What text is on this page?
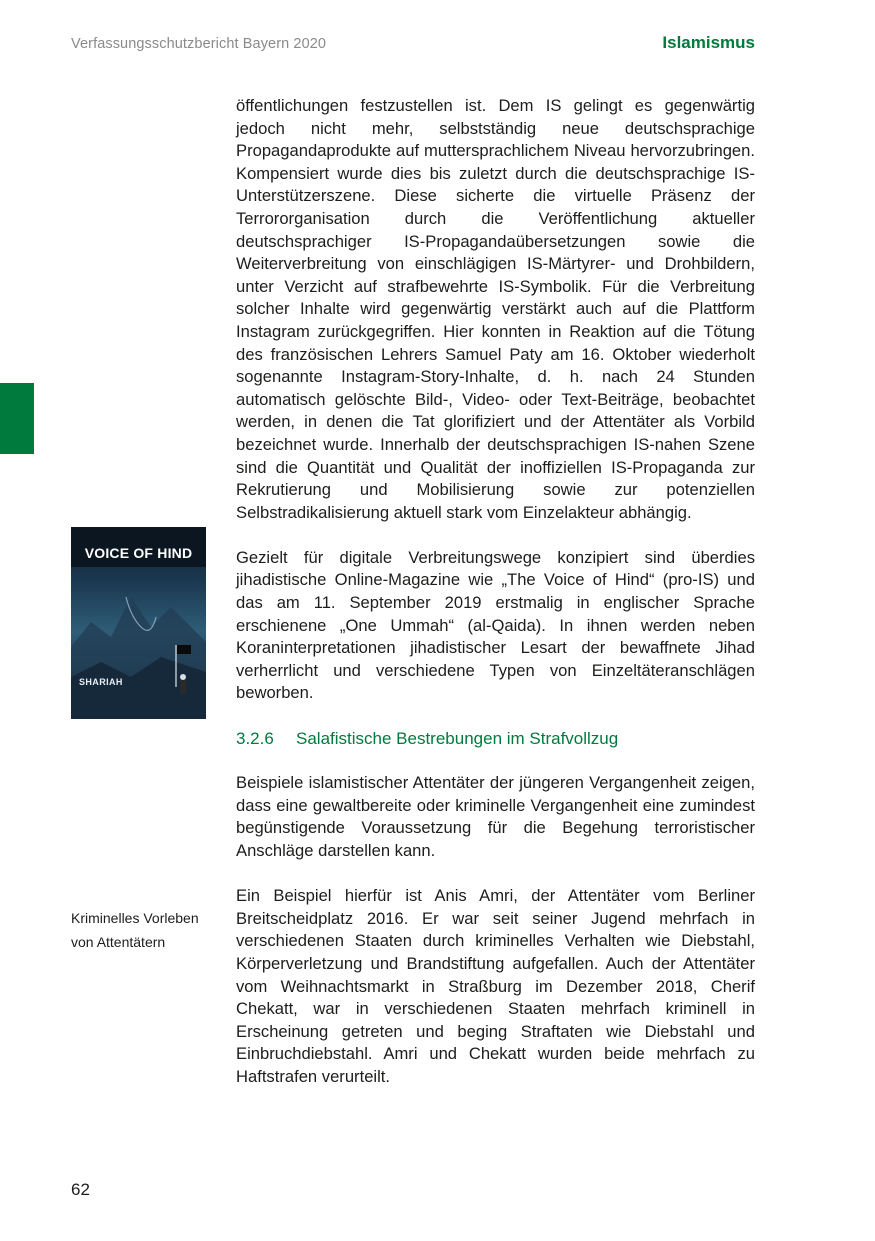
Verfassungsschutzbericht Bayern 2020	Islamismus
VOICE OF HIND
SHARIAH

öffentlichungen festzustellen ist. Dem IS gelingt es gegenwärtig jedoch nicht mehr, selbstständig neue deutschsprachige Propagandaprodukte auf muttersprachlichem Niveau hervorzubringen. Kompensiert wurde dies bis zuletzt durch die deutschsprachige IS-Unterstützerszene. Diese sicherte die virtuelle Präsenz der Terrororganisation durch die Veröffentlichung aktueller deutschsprachiger IS-Propagandaübersetzungen sowie die Weiterverbreitung von einschlägigen IS-Märtyrer- und Drohbildern, unter Verzicht auf strafbewehrte IS-Symbolik. Für die Verbreitung solcher Inhalte wird gegenwärtig verstärkt auch auf die Plattform Instagram zurückgegriffen. Hier konnten in Reaktion auf die Tötung des französischen Lehrers Samuel Paty am 16. Oktober wiederholt sogenannte Instagram-Story-Inhalte, d. h. nach 24 Stunden automatisch gelöschte Bild-, Video- oder Text-Beiträge, beobachtet werden, in denen die Tat glorifiziert und der Attentäter als Vorbild bezeichnet wurde. Innerhalb der deutschsprachigen IS-nahen Szene sind die Quantität und Qualität der inoffiziellen IS-Propaganda zur Rekrutierung und Mobilisierung sowie zur potenziellen Selbstradikalisierung aktuell stark vom Einzelakteur abhängig.

Gezielt für digitale Verbreitungswege konzipiert sind überdies jihadistische Online-Magazine wie „The Voice of Hind“ (pro-IS) und das am 11. September 2019 erstmalig in englischer Sprache erschienene „One Ummah“ (al-Qaida). In ihnen werden neben Koraninterpretationen jihadistischer Lesart der bewaffnete Jihad verherrlicht und verschiedene Typen von Einzeltäteranschlägen beworben.

3.2.6 Salafistische Bestrebungen im Strafvollzug

Beispiele islamistischer Attentäter der jüngeren Vergangenheit zeigen, dass eine gewaltbereite oder kriminelle Vergangenheit eine zumindest begünstigende Voraussetzung für die Begehung terroristischer Anschläge darstellen kann.

Ein Beispiel hierfür ist Anis Amri, der Attentäter vom Berliner Breitscheidplatz 2016. Er war seit seiner Jugend mehrfach in verschiedenen Staaten durch kriminelles Verhalten wie Diebstahl, Körperverletzung und Brandstiftung aufgefallen. Auch der Attentäter vom Weihnachtsmarkt in Straßburg im Dezember 2018, Cherif Chekatt, war in verschiedenen Staaten mehrfach kriminell in Erscheinung getreten und beging Straftaten wie Diebstahl und Einbruchdiebstahl. Amri und Chekatt wurden beide mehrfach zu Haftstrafen verurteilt.

Kriminelles Vorleben
von Attentätern
62
